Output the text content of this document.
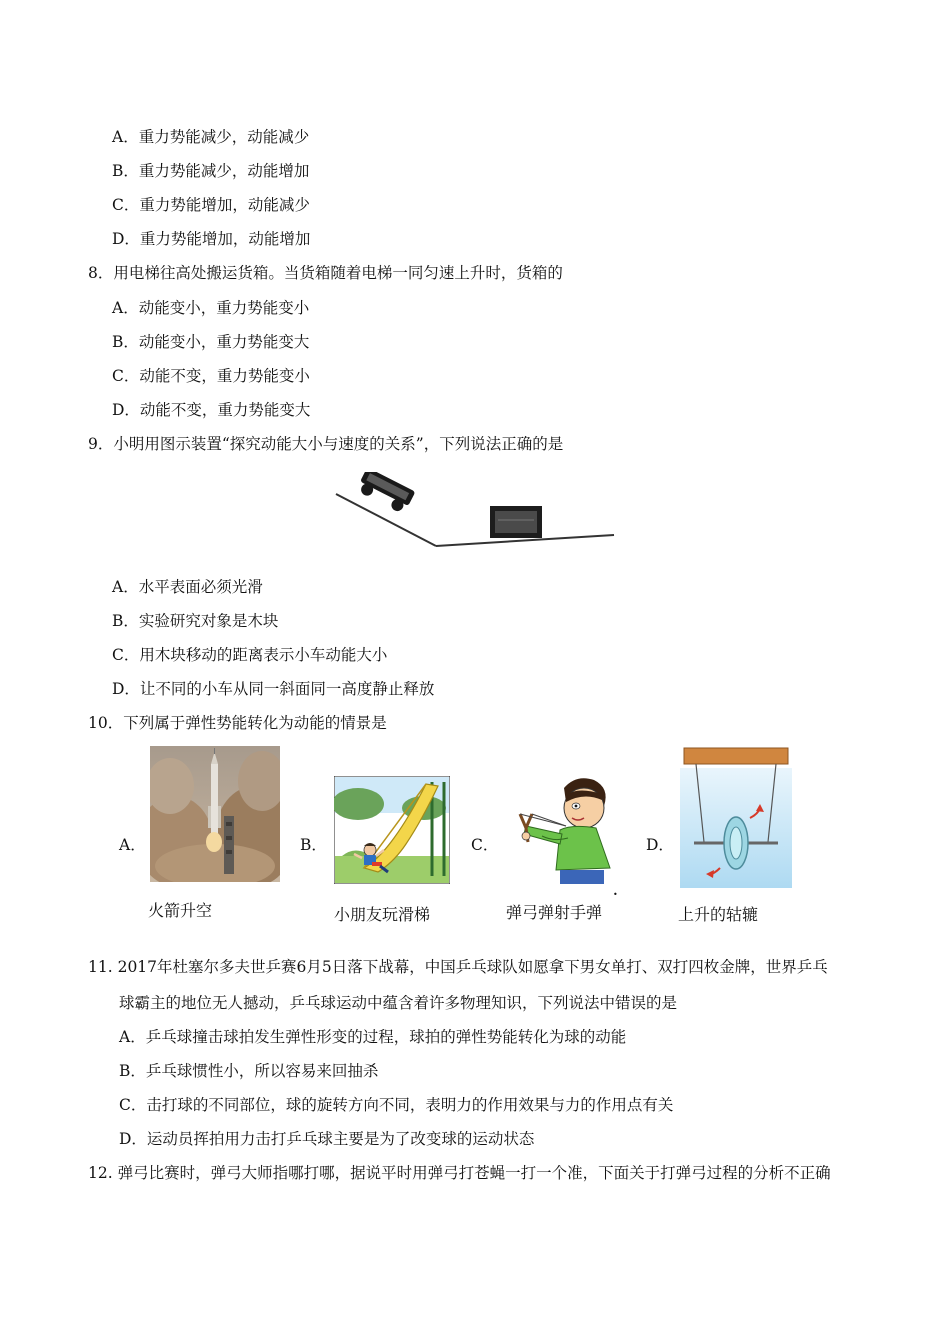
A．重力势能减少，动能减少
B．重力势能减少，动能增加
C．重力势能增加，动能减少
D．重力势能增加，动能增加
8．用电梯往高处搬运货箱。当货箱随着电梯一同匀速上升时，货箱的
A．动能变小，重力势能变小
B．动能变小，重力势能变大
C．动能不变，重力势能变小
D．动能不变，重力势能变大
9．小明用图示装置“探究动能大小与速度的关系”，下列说法正确的是
A．水平表面必须光滑
B．实验研究对象是木块
C．用木块移动的距离表示小车动能大小
D．让不同的小车从同一斜面同一高度静止释放
10．下列属于弹性势能转化为动能的情景是
A．	B．	C．	D．
火箭升空	小朋友玩滑梯	弹弓弹射手弹
•
上升的轱辘
11. 2017年杜塞尔多夫世乒赛6月5日落下战幕，中国乒乓球队如愿拿下男女单打、双打四枚金牌，世界乒乓
球霸主的地位无人撼动，乒乓球运动中蕴含着许多物理知识，下列说法中错误的是
A．乒乓球撞击球拍发生弹性形变的过程，球拍的弹性势能转化为球的动能
B．乒乓球惯性小，所以容易来回抽杀
C．击打球的不同部位，球的旋转方向不同，表明力的作用效果与力的作用点有关
D．运动员挥拍用力击打乒乓球主要是为了改变球的运动状态
12. 弹弓比赛时，弹弓大师指哪打哪，据说平时用弹弓打苍蝇一打一个准，下面关于打弹弓过程的分析不正确
